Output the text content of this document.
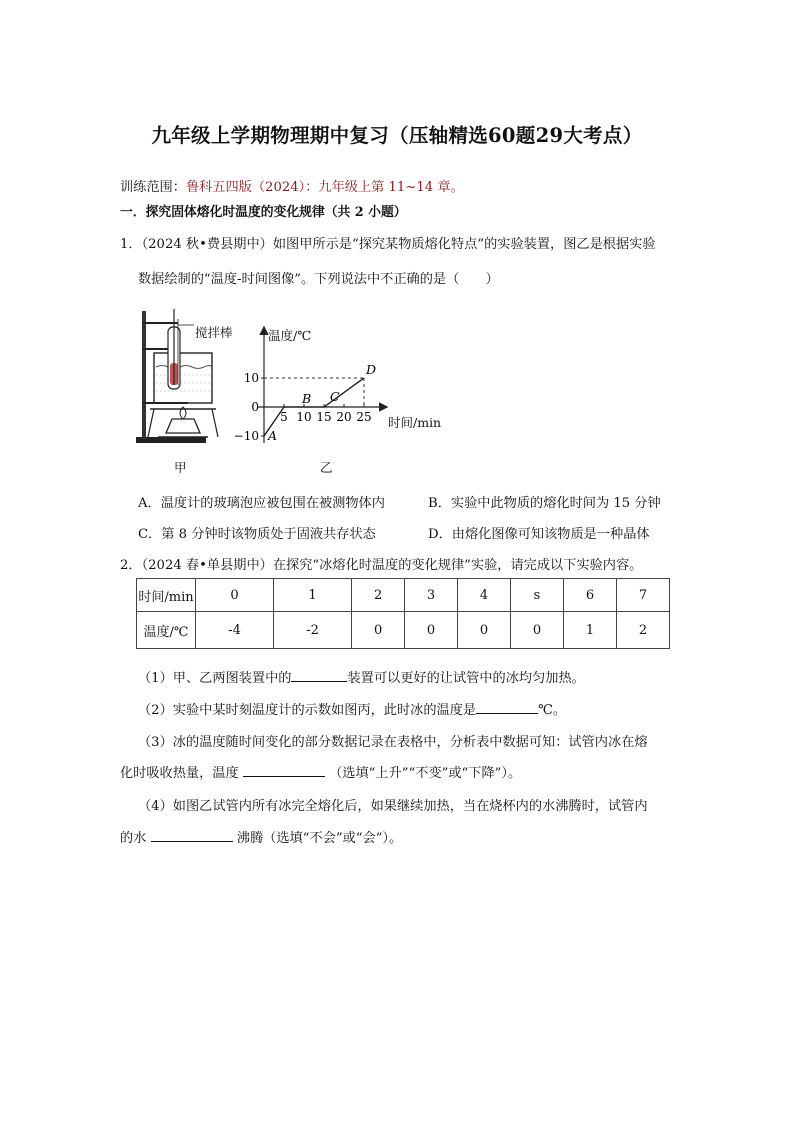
九年级上学期物理期中复习（压轴精选60题29大考点）
训练范围：鲁科五四版（2024）：九年级上第 11~14 章。
一．探究固体熔化时温度的变化规律（共 2 小题）
1．（2024 秋•费县期中）如图甲所示是“探究某物质熔化特点”的实验装置，图乙是根据实验
数据绘制的“温度-时间图像”。下列说法中不正确的是（　　）
搅拌棒
甲
10
0
−10
5 10 15 20 25
A
B C
D
温度/℃
时间/min
乙
A．温度计的玻璃泡应被包围在被测物体内	B．实验中此物质的熔化时间为 15 分钟
C．第 8 分钟时该物质处于固液共存状态	D．由熔化图像可知该物质是一种晶体
2．（2024 春•单县期中）在探究“冰熔化时温度的变化规律”实验，请完成以下实验内容。
时间/min	0	1	2	3	4	s	6	7
温度/℃	-4	-2	0	0	0	0	1	2
（1）甲、乙两图装置中的	装置可以更好的让试管中的冰均匀加热。
（2）实验中某时刻温度计的示数如图丙，此时冰的温度是	℃。
（3）冰的温度随时间变化的部分数据记录在表格中，分析表中数据可知：试管内冰在熔
化时吸收热量，温度	（选填“上升”“不变”或“下降”）。
（4）如图乙试管内所有冰完全熔化后，如果继续加热，当在烧杯内的水沸腾时，试管内
的水	沸腾（选填“不会”或“会”）。
